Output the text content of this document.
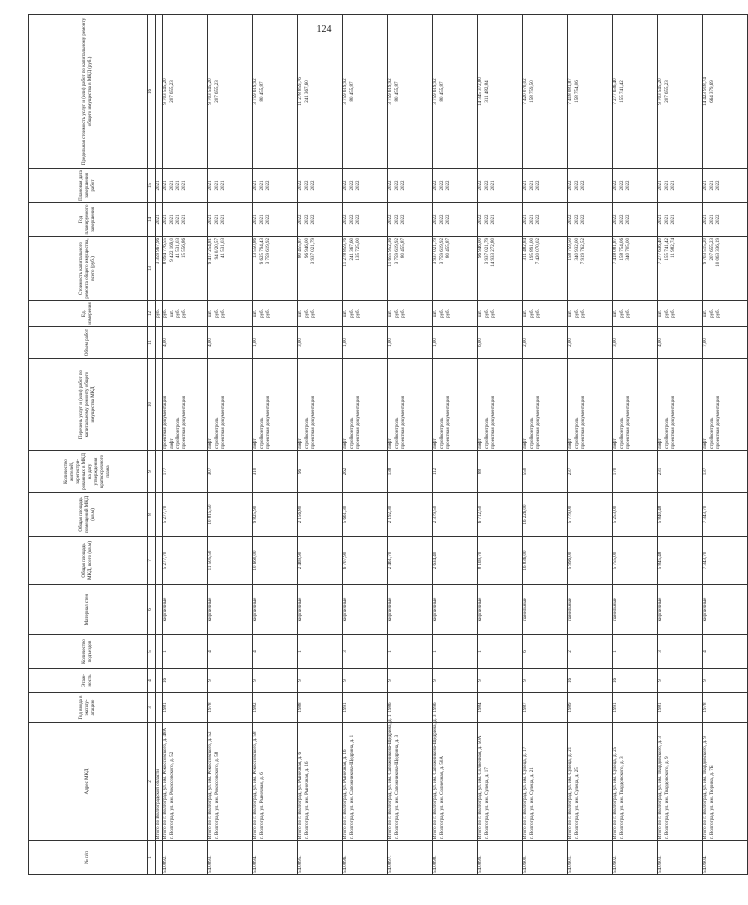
124
№ п/п	Адрес МКД	Год ввода в эксплу-атацию	Этаж-ность	Количество подъездов	Материал стен	Общая площадь МКД, всего (кв.м)	Общая площадь помещений МКД (кв.м)	Количество жителей, зарегистри-рованных в МКД на дату утверждения краткосрочного плана	Перечень услуг и (или) работ по капитальному ремонту общего имущества МКД	Объем работ	Ед. измерения	Стоимость капитального ремонта общего имущества, всего (руб.)	Год планируемого завершения	Плановая дата завершения работ	Предельная стоимость услуг и (или) работ по капитальному ремонту общего имущества в МКД (руб.)
1	2	3	4	5	6	7	8	9	10	11	12	13	14	15	16
	Итого по Волгоградской области										руб.	3 359 967,96	2021	2021	
54.0892.	Итого по г. Волгоград, ул. им. Рокоссовского, д. 48А г. Волгоград, ул. им. Рокоссовского, д. 52	1981	16	1	кирпичные	5 277,70	5 277,70	177	проектная документация лифт стройконтроль проектная документация	4,00	руб. шт. руб. руб.	8 094 776,55 9 422 169,0 41 531,03 15 556,86	2021 2021 2021 2021	2021 2021 2021 2021	9 703 545,20 207 655,23

54.0893.	Итого по г. Волгоград, ул. им. Рокоссовского, д. 52 г. Волгоград, ул. им. Рокоссовского, д. 58	1978	9	4	кирпичные	11 505,50	10 815,50	307	лифт стройконтроль проектная документация	4,00	шт. руб. руб.	9 417 254,81 94 0/20,57 41 531,03	2021 2021 2021	2021 2021 2021	9 703 545,20 207 655,23

54.0894.	Итого по г. Волгоград, ул. им. Рокоссовского, д. 58 г. Волгоград, ул. Рыночная, д. 6	1982	9	4	кирпичные	10 660,00	9 825,90	310	лифт стройконтроль проектная документация	1,00	шт. руб. руб.	13 550,86 9 625 794,43 3 759 619,92	2021 2021 2022	2021 2021 2022	3 759 619,92 80 455,87

54.0895.	Итого по г. Волгоград, ул. Рыночная, д. 6 г. Волгоград, ул. им. Рыночная, д. 16	1988	9	1	кирпичные	2 469,90	2 156,80	96	лифт стройконтроль проектная документация	3,00	шт. руб. руб.	80 455,87 96 946,00 3 937 021,79	2022 2022 2022	2022 2022 2022	11 278 859,76 241 367,60

54.0896.	Итого по г. Волгоград, ул. Рыночная, д. 16 г. Волгоград, ул. им. Сапожникова-Щедрина, д. 1	1991	9	3	кирпичные	6 707,90	5 661,30	262	лифт стройконтроль проектная документация	1,00	шт. руб. руб.	11 278 859,76 241 367,60 135 725,00	2022 2022 2022	2022 2022 2022	3 759 619,92 80 455,87

54.0897.	Итого по г. Волгоград, ул. им. Сапожникова-Щедрина, д. 1 г. Волгоград, ул. им. Сапожникова-Щедрина, д. 3	1986	9	1	кирпичные	2 461,70	2 192,30	138	лифт стройконтроль проектная документация	1,00	шт. руб. руб.	11 655 952,36 3 759 619,92 80 455,87	2022 2022 2022	2022 2022 2022	3 759 619,92 80 455,87

54.0898.	Итого по г. Волгоград, ул. им. Сапожникова-Щедрина, д. 3 г. Волгоград, ул. им. Солнечная, д. 50А	1996	9	1	кирпичные	2 634,40	2 379,50	112	лифт стройконтроль проектная документация	1,00	шт. руб. руб.	3 937 021,79 3 759 619,92 80 455,87	2022 2022 2022	2022 2022 2022	3 759 619,92 80 455,87

54.0899.	Итого по г. Волгоград, ул. им. Солнечная, д. 50А г. Волгоград, ул. им. Сулеца, д. 17	1984	9	1	кирпичные	8 169,70	6 712,50	88	лифт стройконтроль проектная документация	6,00	шт. руб. руб.	96 946,00 3 937 021,79 14 933 272,80	2022 2022 2021	2022 2022 2021	14 345 372,80 311 482,84

54.0900.	Итого по г. Волгоград, ул. им. Сулеца, д. 17 г. Волгоград, ул. им. Сулеца, д. 21	1987	9	6	панельные	16 836,00	16 226,00	550	лифт стройконтроль проектная документация	2,00	шт. руб. руб.	311 482,84 195 891,00 7 420 070,02	2021 2021 2022	2021 2021 2022	7 420 070,02 158 759,50

54.0901.	Итого по г. Волгоград, ул. им. Сулеца, д. 21 г. Волгоград, ул. им. Сулеца, д. 25	1989	16	2	панельные	5 996,00	5 779,00	237	лифт стройконтроль проектная документация	2,00	шт. руб. руб.	158 759,50 340 932,00 7 919 762,52	2022 2022 2022	2022 2022 2022	7 418 081,87 158 754,06

54.0902.	Итого по г. Волгоград, ул. им. Сулеца, д. 25 г. Волгоград, ул. им. Твардовского, д. 3	1991	16	1	панельные	5 755,00	5 253,00	170	лифт стройконтроль проектная документация	3,00	шт. руб. руб.	7 418 081,87 158 754,06 340 705,00	2022 2022 2022	2022 2022 2022	7 277 636,40 155 741,42

54.0903.	Итого по г. Волгоград, ул. им. Твардовского, д. 3 г. Волгоград, ул. им. Твардовского, д. 9	1981	9	3	кирпичные	5 845,48	5 840,48	231	лифт стройконтроль проектная документация	4,00	шт. руб. руб.	7 277 636,40 155 741,42 11 982,74	2021 2021 2021	2021 2021 2021	9 703 545,20 207 655,23

54.0904.	Итого по г. Волгоград, ул. им. Твардовского, д. 9 г. Волгоград, ул. им. Тюрина, д. 7Б	1978	9	4	кирпичные	7 343,70	7 343,70	137	лифт стройконтроль проектная документация	7,00	шт. руб. руб.	9 703 515,20 207 655,23 10 063 336,19	2021 2021 2022	2021 2021 2022	14 423 918,74 664 379,69
